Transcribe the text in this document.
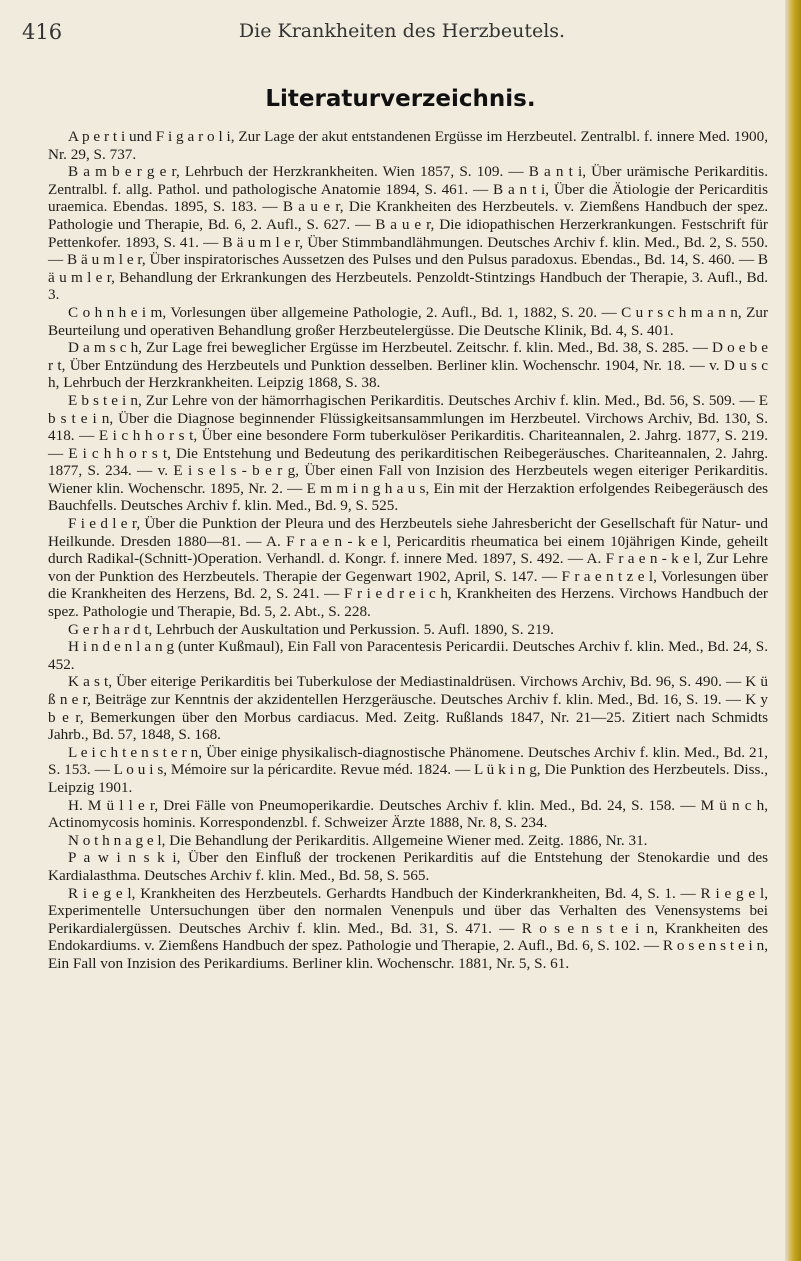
416	Die Krankheiten des Herzbeutels.
Literaturverzeichnis.

A p e r t i und F i g a r o l i, Zur Lage der akut entstandenen Ergüsse im Herzbeutel. Zentralbl. f. innere Med. 1900, Nr. 29, S. 737.

B a m b e r g e r, Lehrbuch der Herzkrankheiten. Wien 1857, S. 109. — B a n t i, Über urämische Perikarditis. Zentralbl. f. allg. Pathol. und pathologische Anatomie 1894, S. 461. — B a n t i, Über die Ätiologie der Pericarditis uraemica. Ebendas. 1895, S. 183. — B a u e r, Die Krankheiten des Herzbeutels. v. Ziemßens Handbuch der spez. Pathologie und Therapie, Bd. 6, 2. Aufl., S. 627. — B a u e r, Die idiopathischen Herzerkrankungen. Festschrift für Pettenkofer. 1893, S. 41. — B ä u m l e r, Über Stimmbandlähmungen. Deutsches Archiv f. klin. Med., Bd. 2, S. 550. — B ä u m l e r, Über inspiratorisches Aussetzen des Pulses und den Pulsus paradoxus. Ebendas., Bd. 14, S. 460. — B ä u m l e r, Behandlung der Erkrankungen des Herzbeutels. Penzoldt-Stintzings Handbuch der Therapie, 3. Aufl., Bd. 3.

C o h n h e i m, Vorlesungen über allgemeine Pathologie, 2. Aufl., Bd. 1, 1882, S. 20. — C u r s c h m a n n, Zur Beurteilung und operativen Behandlung großer Herzbeutelergüsse. Die Deutsche Klinik, Bd. 4, S. 401.

D a m s c h, Zur Lage frei beweglicher Ergüsse im Herzbeutel. Zeitschr. f. klin. Med., Bd. 38, S. 285. — D o e b e r t, Über Entzündung des Herzbeutels und Punktion desselben. Berliner klin. Wochenschr. 1904, Nr. 18. — v. D u s c h, Lehrbuch der Herzkrankheiten. Leipzig 1868, S. 38.

E b s t e i n, Zur Lehre von der hämorrhagischen Perikarditis. Deutsches Archiv f. klin. Med., Bd. 56, S. 509. — E b s t e i n, Über die Diagnose beginnender Flüssigkeitsansammlungen im Herzbeutel. Virchows Archiv, Bd. 130, S. 418. — E i c h h o r s t, Über eine besondere Form tuberkulöser Perikarditis. Chariteannalen, 2. Jahrg. 1877, S. 219. — E i c h h o r s t, Die Entstehung und Bedeutung des perikarditischen Reibegeräusches. Chariteannalen, 2. Jahrg. 1877, S. 234. — v. E i s e l s - b e r g, Über einen Fall von Inzision des Herzbeutels wegen eiteriger Perikarditis. Wiener klin. Wochenschr. 1895, Nr. 2. — E m m i n g h a u s, Ein mit der Herzaktion erfolgendes Reibegeräusch des Bauchfells. Deutsches Archiv f. klin. Med., Bd. 9, S. 525.

F i e d l e r, Über die Punktion der Pleura und des Herzbeutels siehe Jahresbericht der Gesellschaft für Natur- und Heilkunde. Dresden 1880—81. — A. F r a e n - k e l, Pericarditis rheumatica bei einem 10jährigen Kinde, geheilt durch Radikal-(Schnitt-)Operation. Verhandl. d. Kongr. f. innere Med. 1897, S. 492. — A. F r a e n - k e l, Zur Lehre von der Punktion des Herzbeutels. Therapie der Gegenwart 1902, April, S. 147. — F r a e n t z e l, Vorlesungen über die Krankheiten des Herzens, Bd. 2, S. 241. — F r i e d r e i c h, Krankheiten des Herzens. Virchows Handbuch der spez. Pathologie und Therapie, Bd. 5, 2. Abt., S. 228.

G e r h a r d t, Lehrbuch der Auskultation und Perkussion. 5. Aufl. 1890, S. 219.

H i n d e n l a n g (unter Kußmaul), Ein Fall von Paracentesis Pericardii. Deutsches Archiv f. klin. Med., Bd. 24, S. 452.

K a s t, Über eiterige Perikarditis bei Tuberkulose der Mediastinaldrüsen. Virchows Archiv, Bd. 96, S. 490. — K ü ß n e r, Beiträge zur Kenntnis der akzidentellen Herzgeräusche. Deutsches Archiv f. klin. Med., Bd. 16, S. 19. — K y b e r, Bemerkungen über den Morbus cardiacus. Med. Zeitg. Rußlands 1847, Nr. 21—25. Zitiert nach Schmidts Jahrb., Bd. 57, 1848, S. 168.

L e i c h t e n s t e r n, Über einige physikalisch-diagnostische Phänomene. Deutsches Archiv f. klin. Med., Bd. 21, S. 153. — L o u i s, Mémoire sur la péricardite. Revue méd. 1824. — L ü k i n g, Die Punktion des Herzbeutels. Diss., Leipzig 1901.

H. M ü l l e r, Drei Fälle von Pneumoperikardie. Deutsches Archiv f. klin. Med., Bd. 24, S. 158. — M ü n c h, Actinomycosis hominis. Korrespondenzbl. f. Schweizer Ärzte 1888, Nr. 8, S. 234.

N o t h n a g e l, Die Behandlung der Perikarditis. Allgemeine Wiener med. Zeitg. 1886, Nr. 31.

P a w i n s k i, Über den Einfluß der trockenen Perikarditis auf die Entstehung der Stenokardie und des Kardialasthma. Deutsches Archiv f. klin. Med., Bd. 58, S. 565.

R i e g e l, Krankheiten des Herzbeutels. Gerhardts Handbuch der Kinderkrankheiten, Bd. 4, S. 1. — R i e g e l, Experimentelle Untersuchungen über den normalen Venenpuls und über das Verhalten des Venensystems bei Perikardialergüssen. Deutsches Archiv f. klin. Med., Bd. 31, S. 471. — R o s e n s t e i n, Krankheiten des Endokardiums. v. Ziemßens Handbuch der spez. Pathologie und Therapie, 2. Aufl., Bd. 6, S. 102. — R o s e n s t e i n, Ein Fall von Inzision des Perikardiums. Berliner klin. Wochenschr. 1881, Nr. 5, S. 61.
